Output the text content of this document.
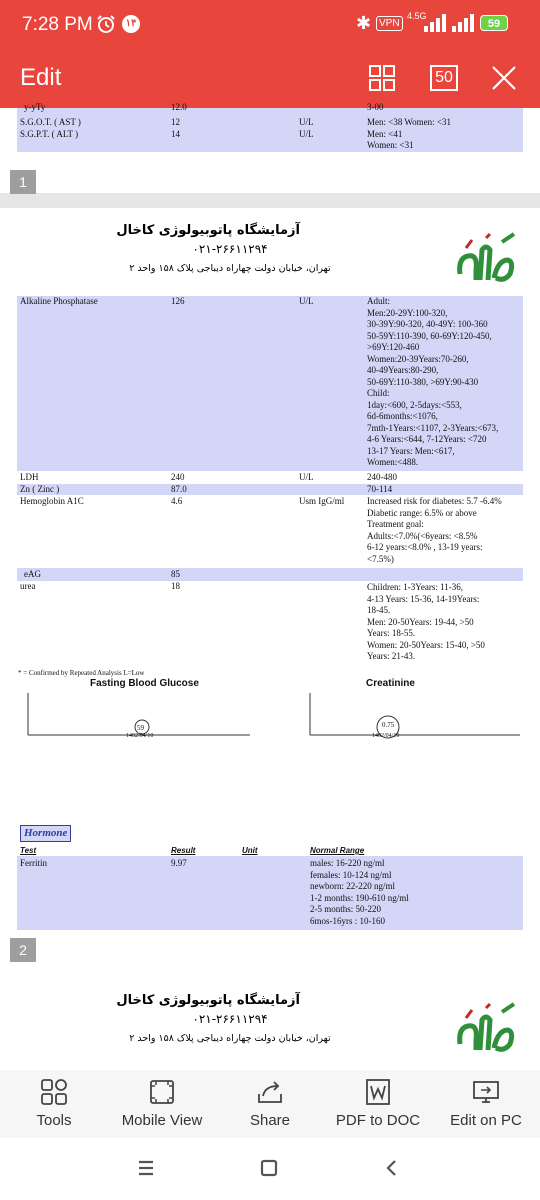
7:28 PM	۱۴	✱ VPN
4.5G
59
Edit	50
y-yTy	12.0	3-00
S.G.O.T. ( AST )	12	U/L	Men: <38 Women: <31
S.G.P.T. ( ALT )	14	U/L	Men: <41
Women: <31
1
آزمایشگاه پاتوبیولوژی کاخال
۰۲۱-۲۶۶۱۱۲۹۴
تهران، خیابان دولت چهاراه دیباجی پلاک ۱۵۸ واحد ۲
Alkaline Phosphatase	126	U/L	Adult:
Men:20-29Y:100-320,
30-39Y:90-320, 40-49Y: 100-360
50-59Y:110-390, 60-69Y:120-450,
>69Y:120-460
Women:20-39Years:70-260,
40-49Years:80-290,
50-69Y:110-380, >69Y:90-430
Child:
1day:<600, 2-5days:<553,
6d-6months:<1076,
7mth-1Years:<1107, 2-3Years:<673,
4-6 Years:<644, 7-12Years: <720
13-17 Years: Men:<617,
Women:<488.
LDH	240	U/L	240-480
Zn ( Zinc )	87.0	70-114
Hemoglobin A1C	4.6	Usm IgG/ml	Increased risk for diabetes: 5.7 -6.4%
Diabetic range: 6.5% or above
Treatment goal:
Adults:<7.0%(<6years: <8.5%
6-12 years:<8.0% , 13-19 years:
<7.5%)
eAG	85
urea	18	Children: 1-3Years: 11-36,
4-13 Years: 15-36, 14-19Years:
18-45.
Men: 20-50Years: 19-44, >50
Years: 18-55.
Women: 20-50Years: 15-40, >50
Years: 21-43.
* = Confirmed by Repeated Analysis L=Low
Fasting Blood Glucose	Creatinine
59
1402/04/10
0.75
1402/04/10
Hormone
Test	Result	Unit	Normal Range
Ferritin	9.97	males: 16-220 ng/ml
females: 10-124 ng/ml
newborn: 22-220 ng/ml
1-2 months: 190-610 ng/ml
2-5 months: 50-220
6mos-16yrs : 10-160
2
آزمایشگاه پاتوبیولوژی کاخال
۰۲۱-۲۶۶۱۱۲۹۴
تهران، خیابان دولت چهاراه دیباجی پلاک ۱۵۸ واحد ۲
Tools	Mobile View	Share	PDF to DOC	Edit on PC
